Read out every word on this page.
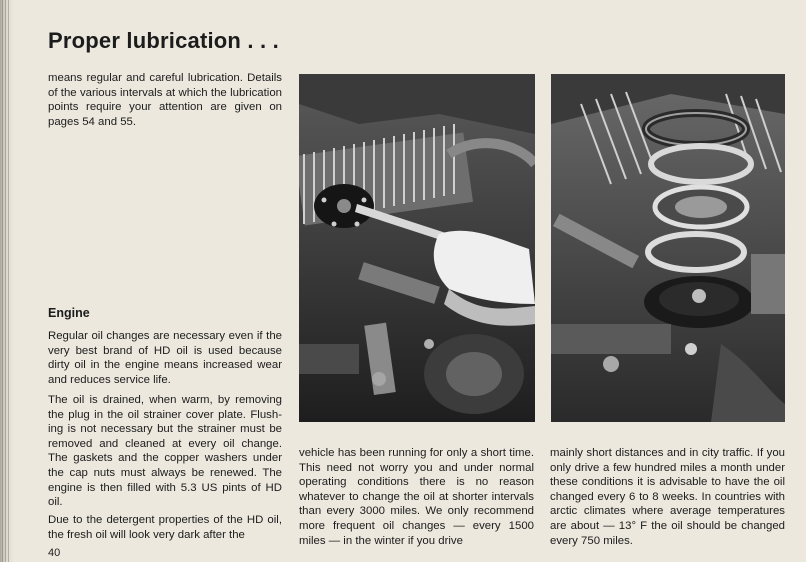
Proper lubrication . . .

means regular and careful lubrication. Details of the various intervals at which the lubrication points require your attention are given on pages 54 and 55.

Engine

Regular oil changes are necessary even if the very best brand of HD oil is used because dirty oil in the engine means increased wear and reduces service life.

The oil is drained, when warm, by removing the plug in the oil strainer cover plate. Flushing is not necessary but the strainer must be removed and cleaned at every oil change. The gaskets and the copper washers under the cap nuts must always be renewed. The engine is then filled with 5.3 US pints of HD oil.

Due to the detergent properties of the HD oil, the fresh oil will look very dark after the

vehicle has been running for only a short time. This need not worry you and under normal operating conditions there is no reason whatever to change the oil at shorter intervals than every 3000 miles. We only recommend more frequent oil changes — every 1500 miles — in the winter if you drive

mainly short distances and in city traffic. If you only drive a few hundred miles a month under these conditions it is advisable to have the oil changed every 6 to 8 weeks. In countries with arctic climates where average temperatures are about — 13° F the oil should be changed every 750 miles.

40
